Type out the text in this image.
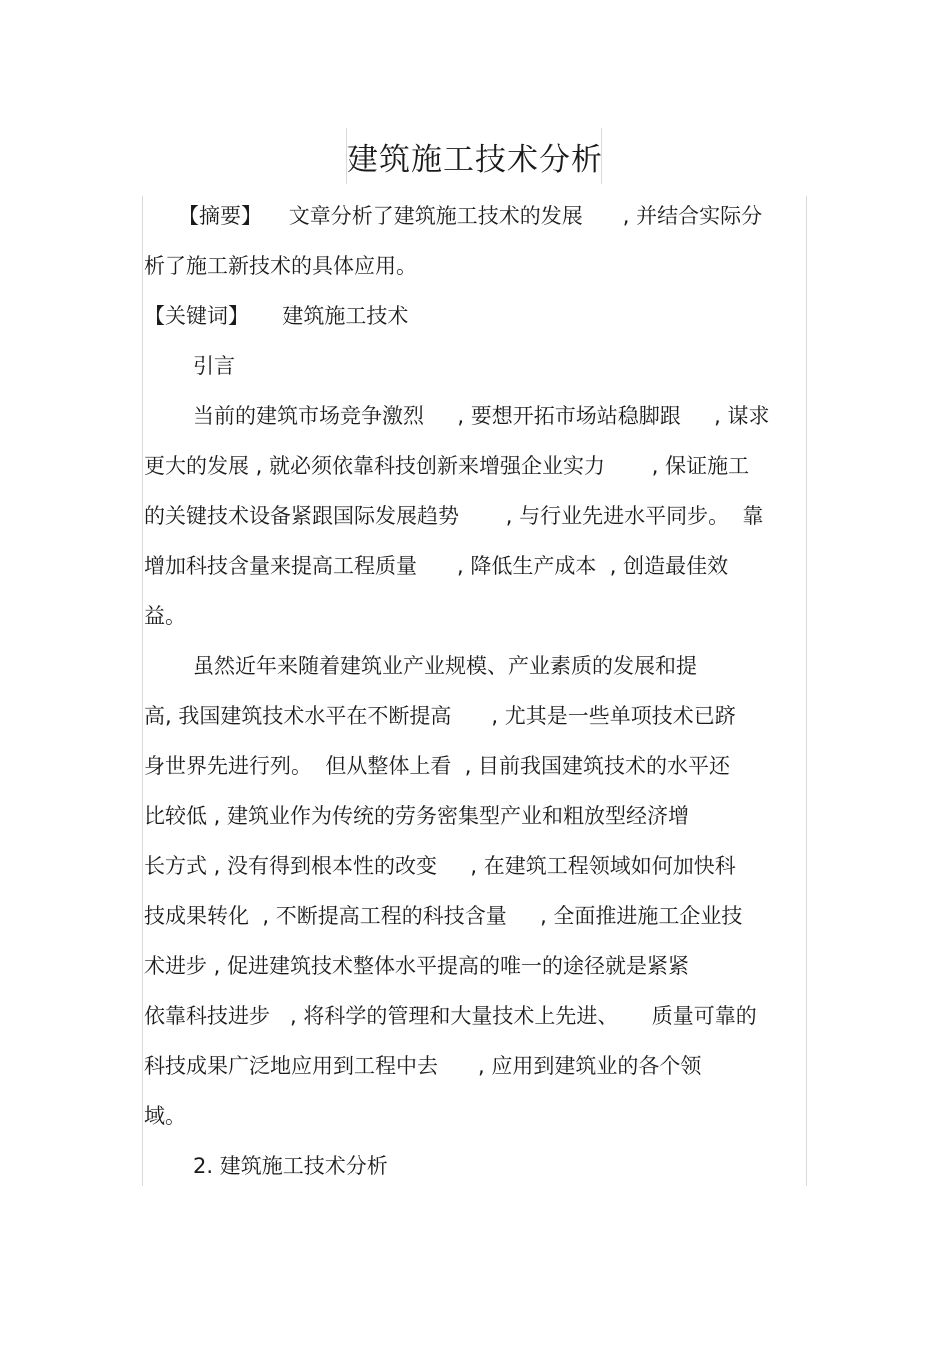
建筑施工技术分析
【摘要】    文章分析了建筑施工技术的发展      , 并结合实际分
析了施工新技术的具体应用。
【关键词】     建筑施工技术
引言
当前的建筑市场竞争激烈     , 要想开拓市场站稳脚跟     , 谋求
更大的发展 , 就必须依靠科技创新来增强企业实力       , 保证施工
的关键技术设备紧跟国际发展趋势       , 与行业先进水平同步。  靠
增加科技含量来提高工程质量      , 降低生产成本  , 创造最佳效
益。
虽然近年来随着建筑业产业规模、产业素质的发展和提
高, 我国建筑技术水平在不断提高      , 尤其是一些单项技术已跻
身世界先进行列。  但从整体上看  , 目前我国建筑技术的水平还
比较低 , 建筑业作为传统的劳务密集型产业和粗放型经济增
长方式 , 没有得到根本性的改变     , 在建筑工程领域如何加快科
技成果转化  , 不断提高工程的科技含量     , 全面推进施工企业技
术进步 , 促进建筑技术整体水平提高的唯一的途径就是紧紧
依靠科技进步   , 将科学的管理和大量技术上先进、     质量可靠的
科技成果广泛地应用到工程中去      , 应用到建筑业的各个领
域。
2. 建筑施工技术分析
